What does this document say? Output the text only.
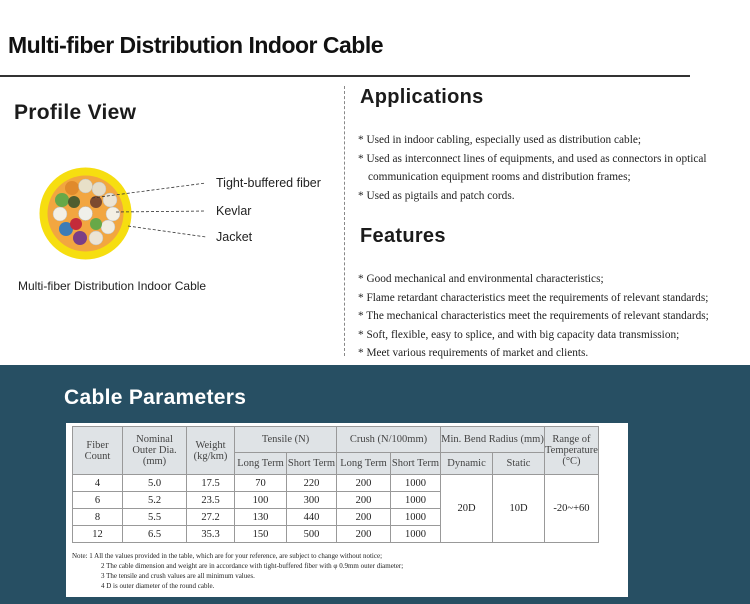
Multi-fiber Distribution Indoor Cable
Profile View
Tight-buffered fiber
Kevlar
Jacket
Multi-fiber Distribution Indoor Cable
Applications
* Used in indoor cabling, especially used as distribution cable;
* Used as interconnect lines of equipments, and used as connectors in optical
communication equipment rooms and distribution frames;
* Used as pigtails and patch cords.
Features
* Good mechanical and environmental characteristics;
* Flame retardant characteristics meet the requirements of relevant standards;
* The mechanical characteristics meet the requirements of relevant standards;
* Soft, flexible, easy to splice, and with big capacity data transmission;
* Meet various requirements of market and clients.
Cable Parameters
Fiber Count	Nominal Outer Dia. (mm)	Weight (kg/km)	Tensile (N)		Crush (N/100mm)		Min. Bend Radius (mm)		Range of Temperature (°C)
			Long Term	Short Term	Long Term	Short Term	Dynamic	Static	
4	5.0	17.5	70	220	200	1000	20D	10D	-20~+60
6	5.2	23.5	100	300	200	1000			
8	5.5	27.2	130	440	200	1000			
12	6.5	35.3	150	500	200	1000			
Note: 1 All the values provided in the table, which are for your reference, are subject to change without notice;
2 The cable dimension and weight are in accordance with tight-buffered fiber with φ 0.9mm outer diameter;
3 The tensile and crush values are all minimum values.
4 D is outer diameter of the round cable.
